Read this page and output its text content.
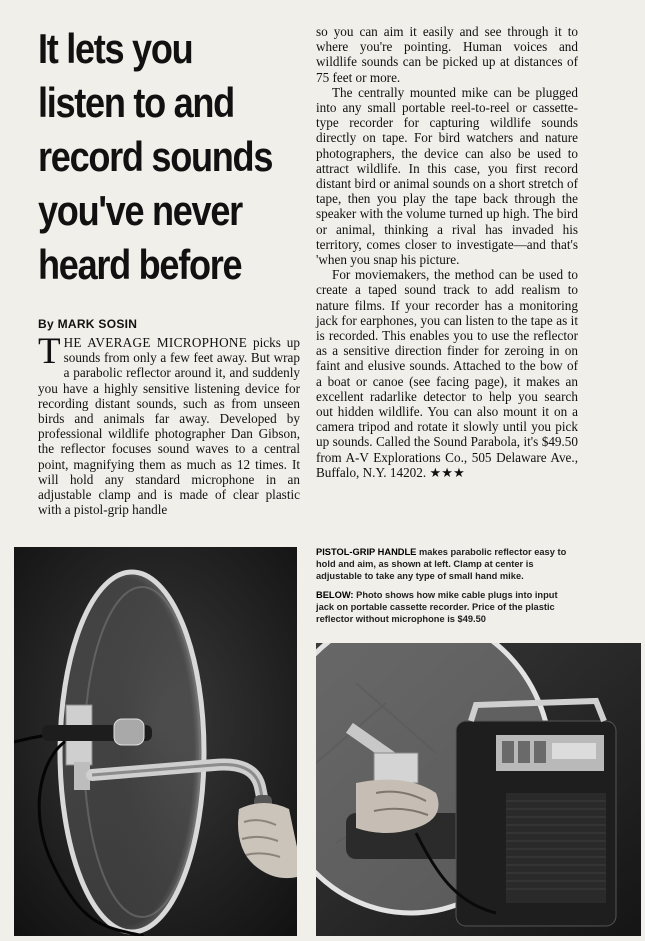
It lets you
listen to and
record sounds
you've never
heard before
By MARK SOSIN

THE AVERAGE MICROPHONE picks up sounds from only a few feet away. But wrap a parabolic reflector around it, and suddenly you have a highly sensitive listening device for recording distant sounds, such as from unseen birds and animals far away. Developed by professional wildlife photographer Dan Gibson, the reflector focuses sound waves to a central point, magnifying them as much as 12 times. It will hold any standard microphone in an adjustable clamp and is made of clear plastic with a pistol-grip handle

so you can aim it easily and see through it to where you're pointing. Human voices and wildlife sounds can be picked up at distances of 75 feet or more.

The centrally mounted mike can be plugged into any small portable reel-to-reel or cassette-type recorder for capturing wildlife sounds directly on tape. For bird watchers and nature photographers, the device can also be used to attract wildlife. In this case, you first record distant bird or animal sounds on a short stretch of tape, then you play the tape back through the speaker with the volume turned up high. The bird or animal, thinking a rival has invaded his territory, comes closer to investigate—and that's 'when you snap his picture.

For moviemakers, the method can be used to create a taped sound track to add realism to nature films. If your recorder has a monitoring jack for earphones, you can listen to the tape as it is recorded. This enables you to use the reflector as a sensitive direction finder for zeroing in on faint and elusive sounds. Attached to the bow of a boat or canoe (see facing page), it makes an excellent radarlike detector to help you search out hidden wildlife. You can also mount it on a camera tripod and rotate it slowly until you pick up sounds. Called the Sound Parabola, it's $49.50 from A-V Explorations Co., 505 Delaware Ave., Buffalo, N.Y. 14202. ★★★

PISTOL-GRIP HANDLE makes parabolic reflector easy to hold and aim, as shown at left. Clamp at center is adjustable to take any type of small hand mike.
BELOW: Photo shows how mike cable plugs into input jack on portable cassette recorder. Price of the plastic reflector without microphone is $49.50
